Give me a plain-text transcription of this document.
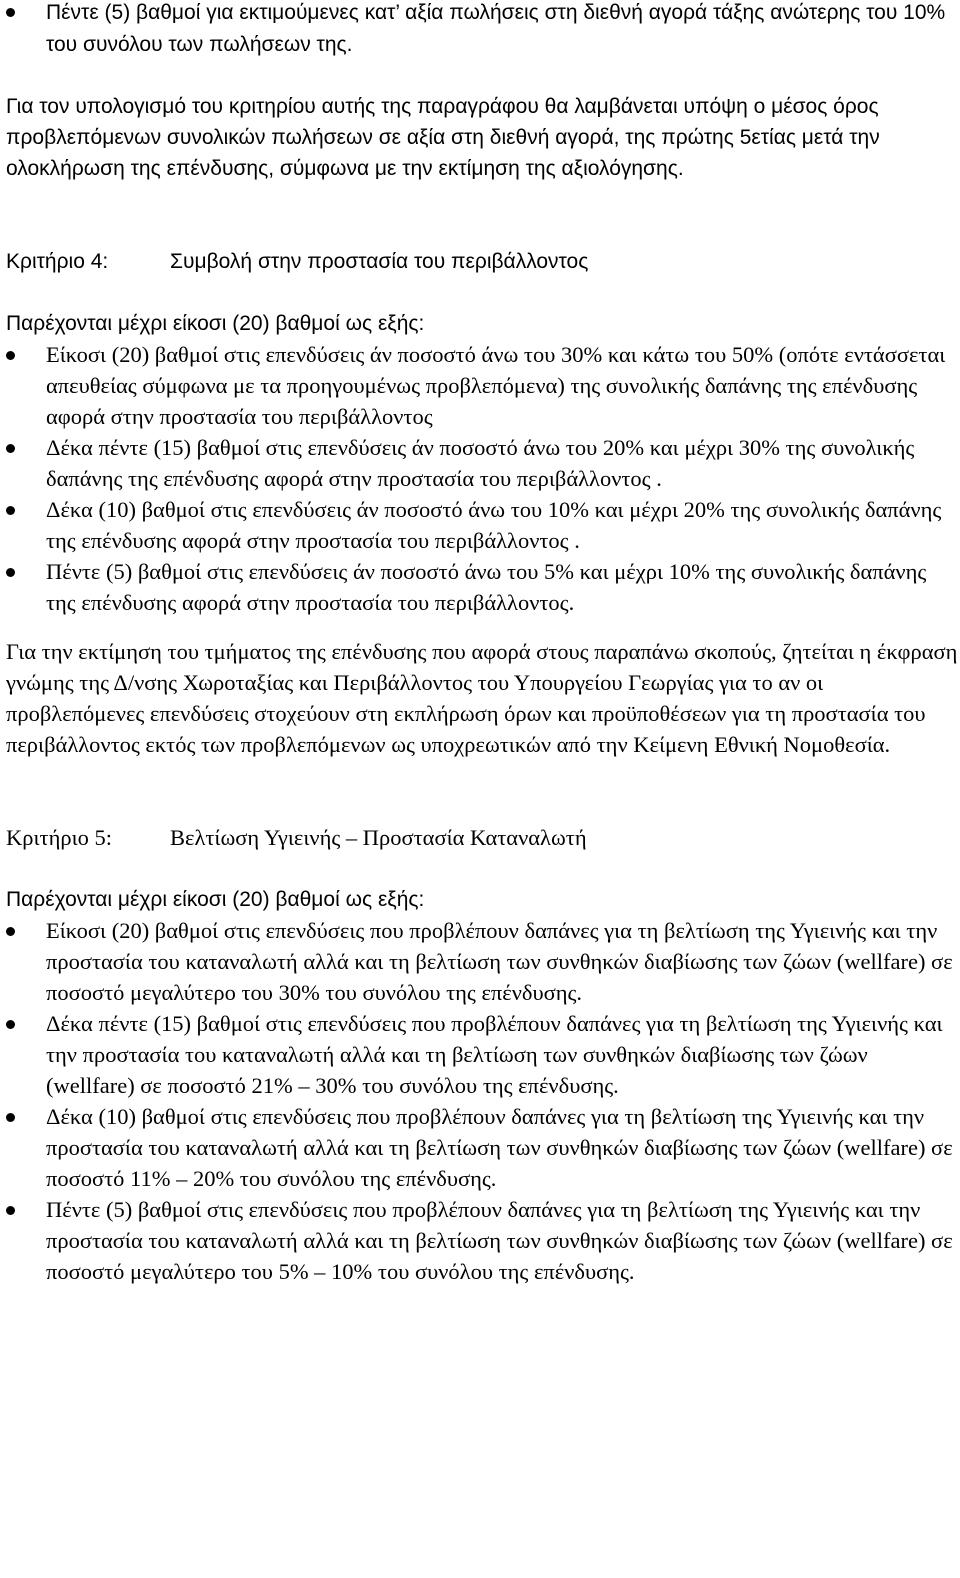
Πέντε (5) βαθμοί για εκτιμούμενες κατ’ αξία πωλήσεις στη διεθνή αγορά τάξης ανώτερης του 10% του συνόλου των πωλήσεων της.

Για τον υπολογισμό του κριτηρίου αυτής της παραγράφου θα λαμβάνεται υπόψη ο μέσος όρος προβλεπόμενων συνολικών πωλήσεων σε αξία στη διεθνή αγορά, της πρώτης 5ετίας μετά την ολοκλήρωση της επένδυσης, σύμφωνα με την εκτίμηση της αξιολόγησης.

Κριτήριο 4:	Συμβολή στην προστασία του περιβάλλοντος

Παρέχονται μέχρι είκοσι (20) βαθμοί ως εξής:

Είκοσι (20) βαθμοί στις επενδύσεις άν ποσοστό άνω του 30% και κάτω του 50% (οπότε εντάσσεται απευθείας σύμφωνα με τα προηγουμένως προβλεπόμενα) της συνολικής δαπάνης της επένδυσης αφορά στην προστασία του περιβάλλοντος
Δέκα πέντε (15) βαθμοί στις επενδύσεις άν ποσοστό άνω του 20% και μέχρι 30% της συνολικής δαπάνης της επένδυσης αφορά στην προστασία του περιβάλλοντος .
Δέκα (10) βαθμοί στις επενδύσεις άν ποσοστό άνω του 10% και μέχρι 20% της συνολικής δαπάνης της επένδυσης αφορά στην προστασία του περιβάλλοντος .
Πέντε (5) βαθμοί στις επενδύσεις άν ποσοστό άνω του 5% και μέχρι 10% της συνολικής δαπάνης της επένδυσης αφορά στην προστασία του περιβάλλοντος.

Για την εκτίμηση του τμήματος της επένδυσης που αφορά στους παραπάνω σκοπούς, ζητείται η έκφραση γνώμης της Δ/νσης Χωροταξίας και Περιβάλλοντος του Υπουργείου Γεωργίας για το αν οι προβλεπόμενες επενδύσεις στοχεύουν στη εκπλήρωση όρων και προϋποθέσεων για τη προστασία του περιβάλλοντος εκτός των προβλεπόμενων ως υποχρεωτικών από την Κείμενη Εθνική Νομοθεσία.

Κριτήριο 5:	Βελτίωση Υγιεινής – Προστασία Καταναλωτή

Παρέχονται μέχρι είκοσι (20) βαθμοί ως εξής:

Είκοσι (20) βαθμοί στις επενδύσεις που προβλέπουν δαπάνες για τη βελτίωση της Υγιεινής και την προστασία του καταναλωτή αλλά και τη βελτίωση των συνθηκών διαβίωσης των ζώων (wellfare) σε ποσοστό μεγαλύτερο του 30% του συνόλου της επένδυσης.
Δέκα πέντε (15) βαθμοί στις επενδύσεις που προβλέπουν δαπάνες για τη βελτίωση της Υγιεινής και την προστασία του καταναλωτή αλλά και τη βελτίωση των συνθηκών διαβίωσης των ζώων (wellfare) σε ποσοστό 21% – 30% του συνόλου της επένδυσης.
Δέκα (10) βαθμοί στις επενδύσεις που προβλέπουν δαπάνες για τη βελτίωση της Υγιεινής και την προστασία του καταναλωτή αλλά και τη βελτίωση των συνθηκών διαβίωσης των ζώων (wellfare) σε ποσοστό 11% – 20% του συνόλου της επένδυσης.
Πέντε (5) βαθμοί στις επενδύσεις που προβλέπουν δαπάνες για τη βελτίωση της Υγιεινής και την προστασία του καταναλωτή αλλά και τη βελτίωση των συνθηκών διαβίωσης των ζώων (wellfare) σε ποσοστό μεγαλύτερο του 5% – 10% του συνόλου της επένδυσης.
